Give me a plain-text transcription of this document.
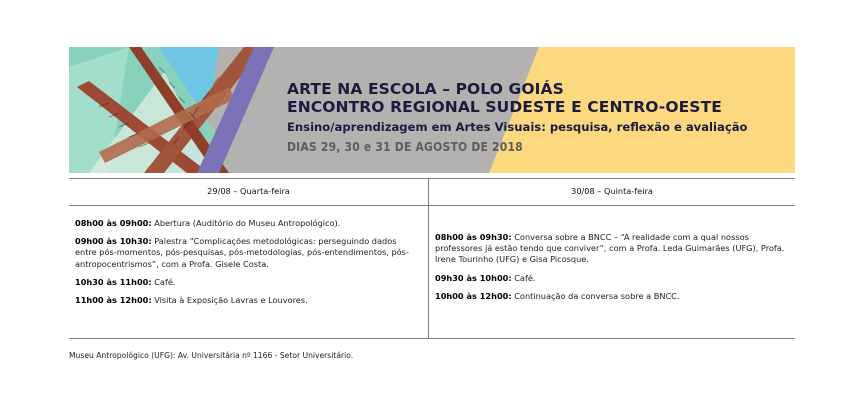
ARTE NA ESCOLA – POLO GOIÁS
ENCONTRO REGIONAL SUDESTE E CENTRO-OESTE
Ensino/aprendizagem em Artes Visuais: pesquisa, reflexão e avaliação
DIAS 29, 30 e 31 DE AGOSTO DE 2018
29/08 – Quarta-feira	30/08 – Quinta-feira
08h00 às 09h00: Abertura (Auditório do Museu Antropológico).
09h00 às 10h30: Palestra “Complicações metodológicas: perseguindo dados entre pós-momentos, pós-pesquisas, pós-metodologias, pós-entendimentos, pós-antropocentrismos”, com a Profa. Gisele Costa.
10h30 às 11h00: Café.
11h00 às 12h00: Visita à Exposição Lavras e Louvores.
08h00 às 09h30: Conversa sobre a BNCC – “A realidade com a qual nossos professores já estão tendo que conviver”, com a Profa. Leda Guimarães (UFG), Profa. Irene Tourinho (UFG) e Gisa Picosque.
09h30 às 10h00: Café.
10h00 às 12h00: Continuação da conversa sobre a BNCC.
Museu Antropológico (UFG): Av. Universitária nº 1166 - Setor Universitário.
